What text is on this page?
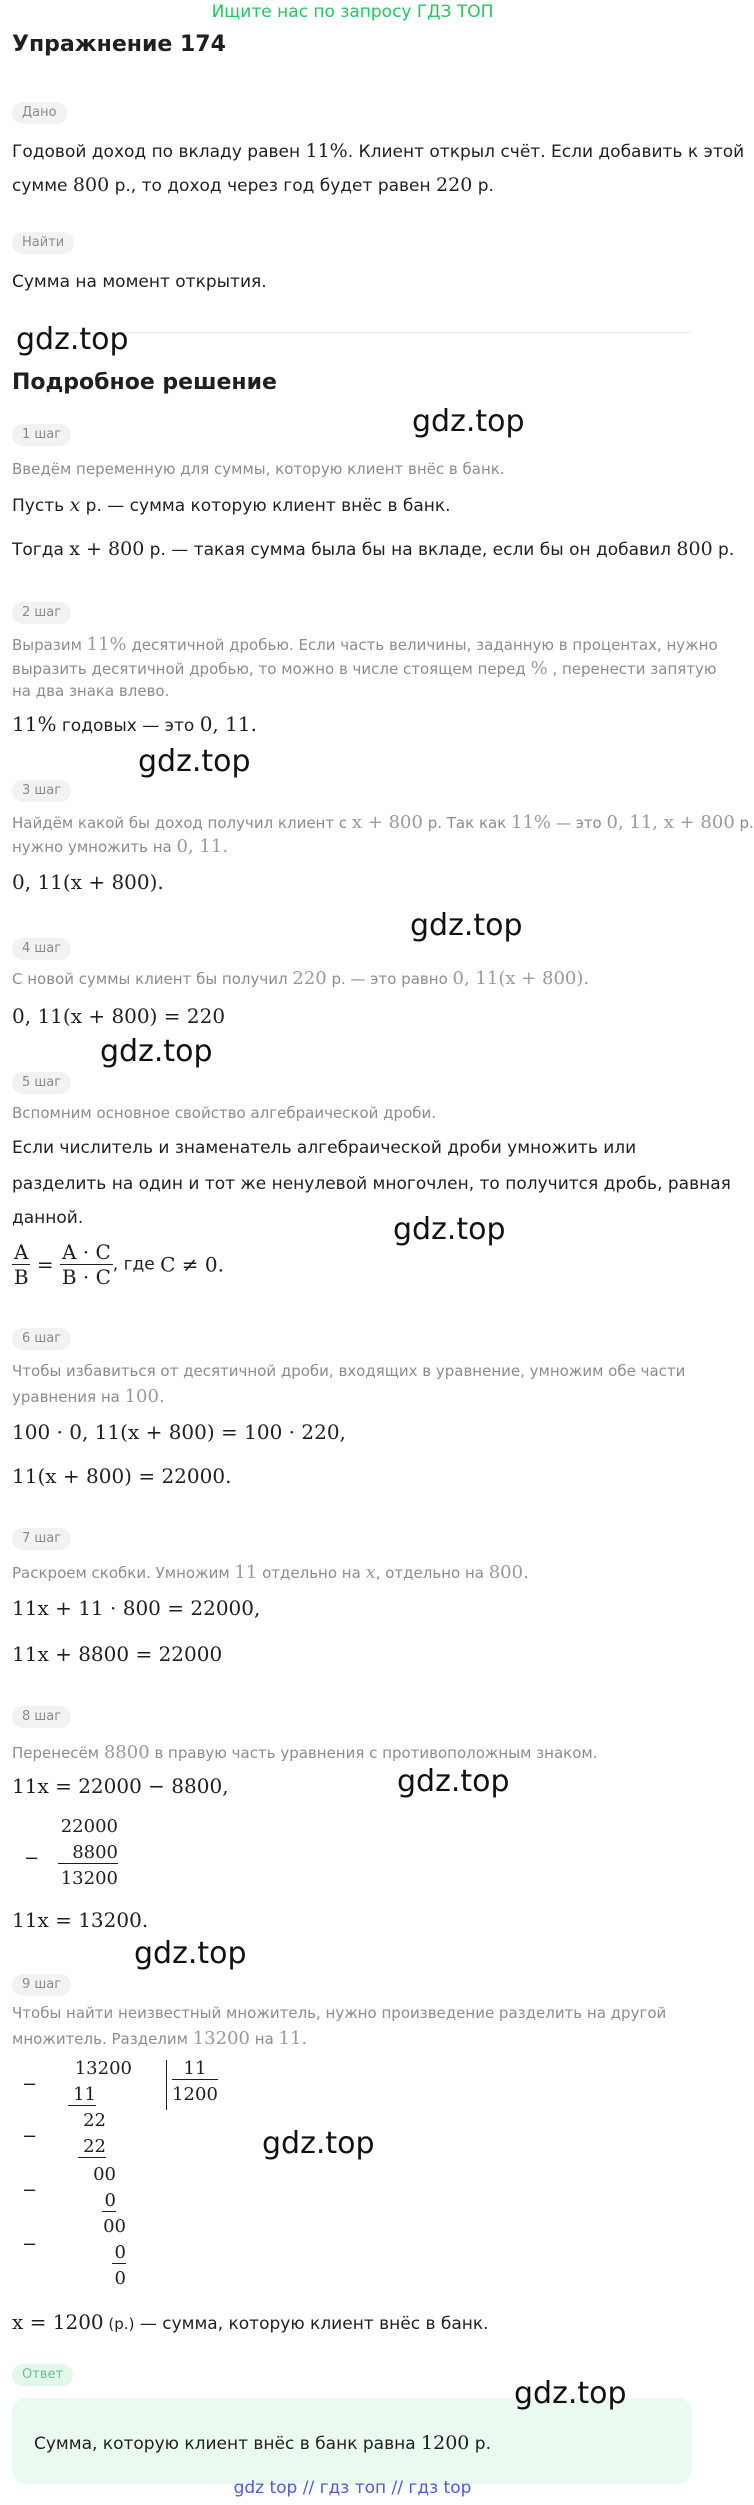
Ищите нас по запросу ГДЗ ТОП
Упражнение 174
Дано
Годовой доход по вкладу равен 11%. Клиент открыл счёт. Если добавить к этой
сумме 800 р., то доход через год будет равен 220 р.
Найти
Сумма на момент открытия.
gdz.top
Подробное решение
gdz.top
1 шаг
Введём переменную для суммы, которую клиент внёс в банк.
Пусть x р. — сумма которую клиент внёс в банк.
Тогда x + 800 р. — такая сумма была бы на вкладе, если бы он добавил 800 р.
2 шаг
Выразим 11% десятичной дробью. Если часть величины, заданную в процентах, нужно
выразить десятичной дробью, то можно в числе стоящем перед % , перенести запятую
на два знака влево.
11% годовых — это 0, 11.
gdz.top
3 шаг
Найдём какой бы доход получил клиент с x + 800 р. Так как 11% — это 0, 11, x + 800 р.
нужно умножить на 0, 11.
0, 11(x + 800).
gdz.top
4 шаг
С новой суммы клиент бы получил 220 р. — это равно 0, 11(x + 800).
0, 11(x + 800) = 220
gdz.top
5 шаг
Вспомним основное свойство алгебраической дроби.
Если числитель и знаменатель алгебраической дроби умножить или
разделить на один и тот же ненулевой многочлен, то получится дробь, равная
данной.	gdz.top
$\frac{A}{B} = \frac{A \cdot C}{B \cdot C}$ , где C ≠ 0.
6 шаг
Чтобы избавиться от десятичной дроби, входящих в уравнение, умножим обе части
уравнения на 100.
100 · 0, 11(x + 800) = 100 · 220,
11(x + 800) = 22000.
7 шаг
Раскроем скобки. Умножим 11 отдельно на x, отдельно на 800.
11x + 11 · 800 = 22000,
11x + 8800 = 22000
8 шаг
Перенесём 8800 в правую часть уравнения с противоположным знаком.
11x = 22000 − 8800,	gdz.top
−
22000
8800
13200
11x = 13200.
gdz.top
9 шаг
Чтобы найти неизвестный множитель, нужно произведение разделить на другой
множитель. Разделим 13200 на 11.
−
−
−
−
13200
11
22
22
00
0
00
0
0
11
1200
gdz.top
x = 1200 (р.) — сумма, которую клиент внёс в банк.
Ответ
Сумма, которую клиент внёс в банк равна 1200 р.
gdz.top
gdz top // гдз топ // гдз top
